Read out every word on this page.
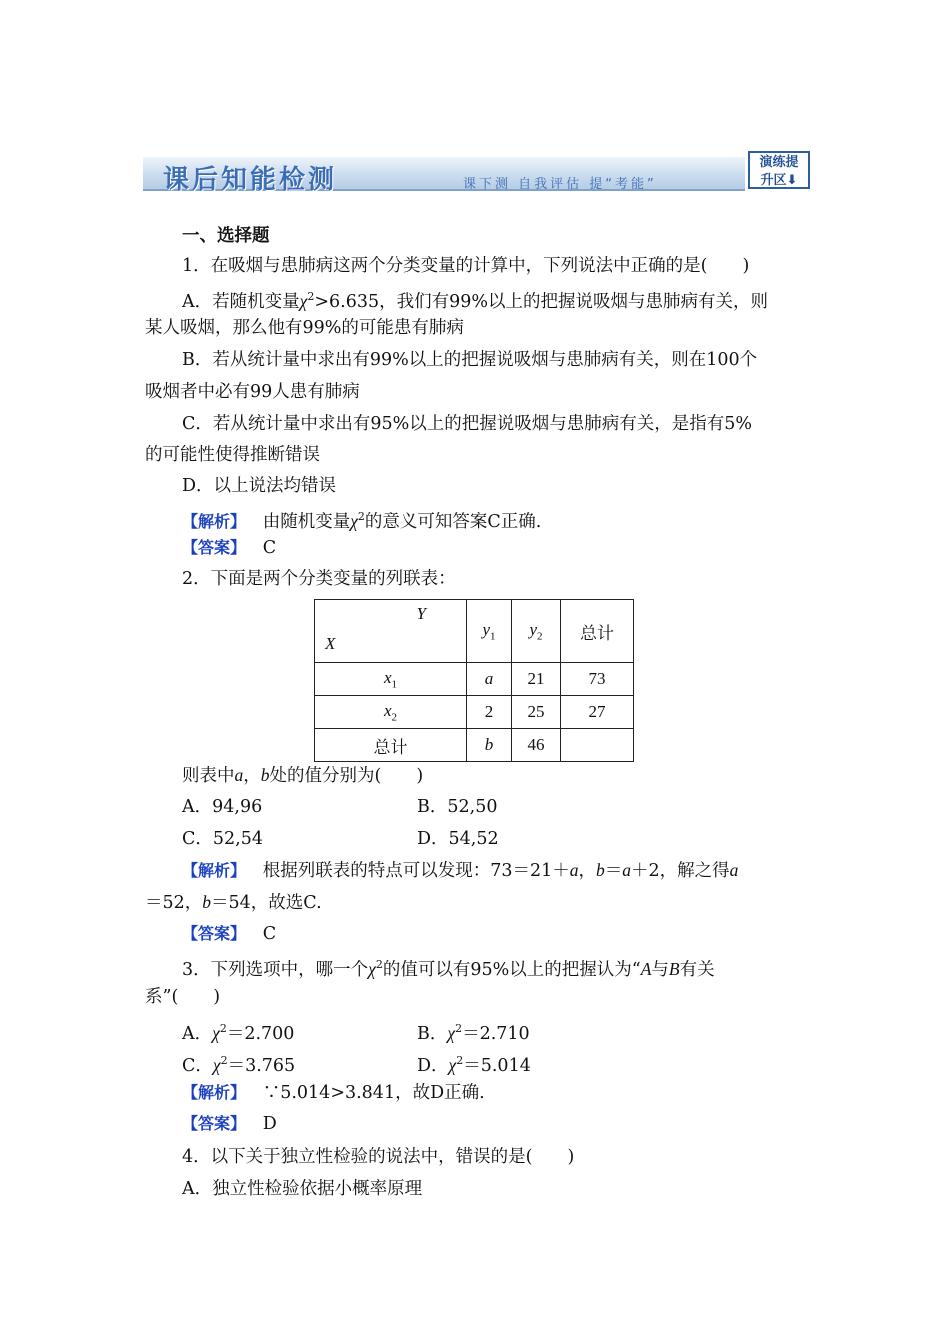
课后知能检测	课下测 自我评估 提“考能”
演练提
升区⬇
一、选择题
1．在吸烟与患肺病这两个分类变量的计算中，下列说法中正确的是(　　)
A．若随机变量$\chi^2>6.635$，我们有99%以上的把握说吸烟与患肺病有关，则
某人吸烟，那么他有99%的可能患有肺病
B．若从统计量中求出有99%以上的把握说吸烟与患肺病有关，则在100个
吸烟者中必有99人患有肺病
C．若从统计量中求出有95%以上的把握说吸烟与患肺病有关，是指有5%
的可能性使得推断错误
D．以上说法均错误
【解析】 由随机变量$\chi^2$的意义可知答案C正确.
【答案】 C
2．下面是两个分类变量的列联表：
Y
X	$y_1$	$y_2$	总计
$x_1$	a	21	73
$x_2$	2	25	27
总计	b	46	
则表中a，b处的值分别为(　　)
A．94,96	B．52,50
C．52,54	D．54,52
【解析】 根据列联表的特点可以发现：73＝21＋a，b＝a＋2，解之得a
＝52，b＝54，故选C.
【答案】 C
3．下列选项中，哪一个$\chi^2$的值可以有95%以上的把握认为“A与B有关
系”(　　)
A．$\chi^2=2.700$	B．$\chi^2=2.710$
C．$\chi^2=3.765$	D．$\chi^2=5.014$
【解析】 ∵5.014>3.841，故D正确.
【答案】 D
4．以下关于独立性检验的说法中，错误的是(　　)
A．独立性检验依据小概率原理
